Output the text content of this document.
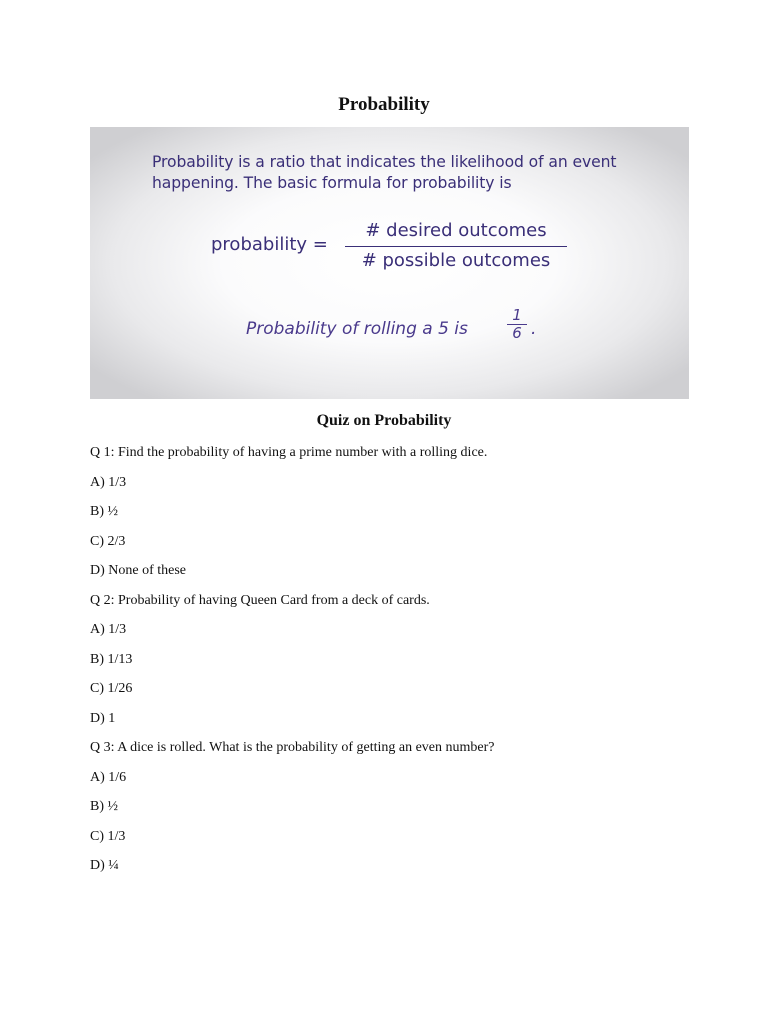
Probability
Probability is a ratio that indicates the likelihood of an event happening. The basic formula for probability is
probability =
# desired outcomes
# possible outcomes
Probability of rolling a 5 is	$\frac{1}{6}$ .
Quiz on Probability
Q 1: Find the probability of having a prime number with a rolling dice.
A) 1/3
B) ½
C) 2/3
D) None of these
Q 2: Probability of having Queen Card from a deck of cards.
A) 1/3
B) 1/13
C) 1/26
D) 1
Q 3: A dice is rolled. What is the probability of getting an even number?
A) 1/6
B) ½
C) 1/3
D) ¼
